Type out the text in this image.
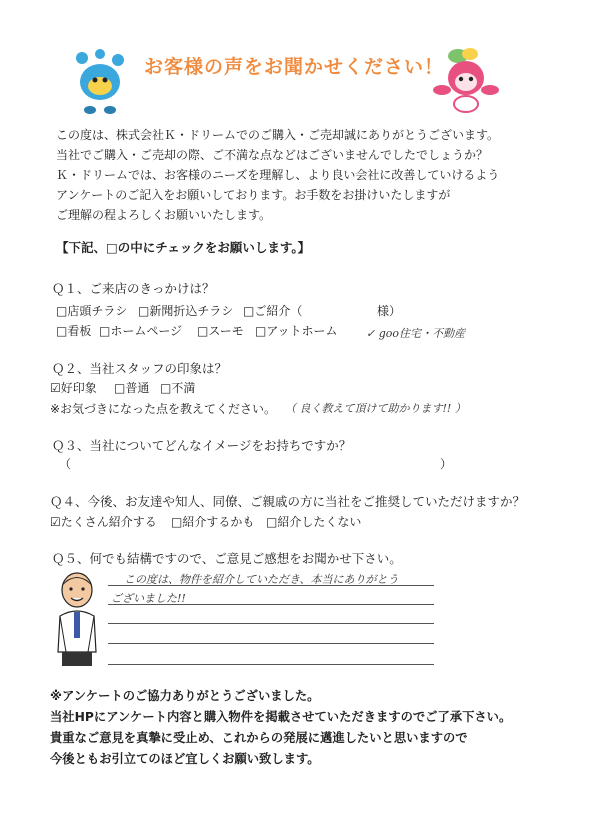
お客様の声をお聞かせください！
この度は、株式会社Ｋ・ドリームでのご購入・ご売却誠にありがとうございます。
当社でご購入・ご売却の際、ご不満な点などはございませんでしたでしょうか？
Ｋ・ドリームでは、お客様のニーズを理解し、より良い会社に改善していけるよう
アンケートのご記入をお願いしております。お手数をお掛けいたしますが
ご理解の程よろしくお願いいたします。
【下記、□の中にチェックをお願いします。】
Ｑ１、ご来店のきっかけは？
□店頭チラシ □新聞折込チラシ □ご紹介（	様）
□看板 □ホームページ □スーモ □アットホーム	✓ goo住宅・不動産
Ｑ２、当社スタッフの印象は？
☑好印象 □普通 □不満
※お気づきになった点を教えてください。 （ 良く教えて頂けて助かります!! ）
Ｑ３、当社についてどんなイメージをお持ちですか？
（	）
Ｑ４、今後、お友達や知人、同僚、ご親戚の方に当社をご推奨していただけますか？
☑たくさん紹介する □紹介するかも □紹介したくない
Ｑ５、何でも結構ですので、ご意見ご感想をお聞かせ下さい。
この度は、物件を紹介していただき、本当にありがとう
ございました!!
※アンケートのご協力ありがとうございました。
当社HPにアンケート内容と購入物件を掲載させていただきますのでご了承下さい。
貴重なご意見を真摯に受止め、これからの発展に邁進したいと思いますので
今後ともお引立てのほど宜しくお願い致します。
